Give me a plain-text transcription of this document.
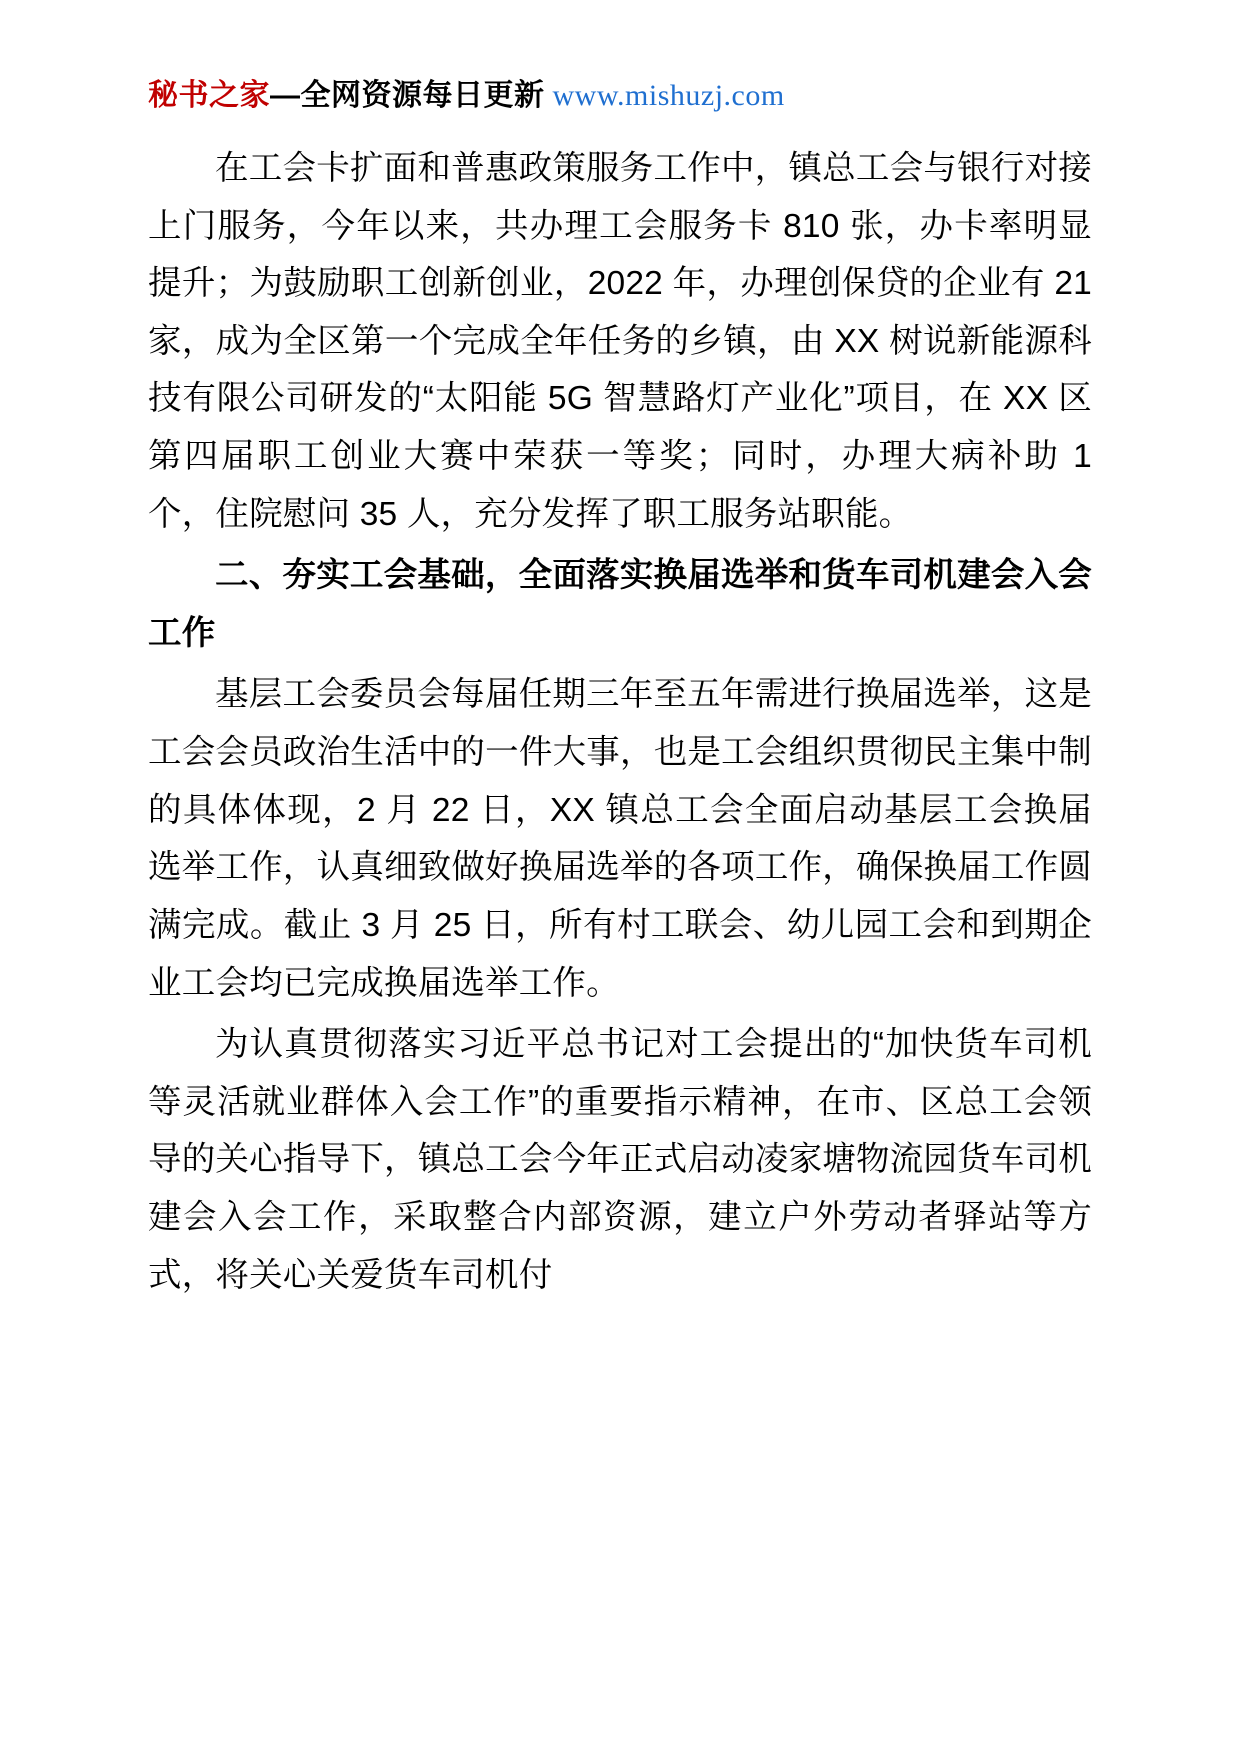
秘书之家—全网资源每日更新 www.mishuzj.com

在工会卡扩面和普惠政策服务工作中，镇总工会与银行对接上门服务，今年以来，共办理工会服务卡 810 张，办卡率明显提升；为鼓励职工创新创业，2022 年，办理创保贷的企业有 21 家，成为全区第一个完成全年任务的乡镇，由 XX 树说新能源科技有限公司研发的“太阳能 5G 智慧路灯产业化”项目，在 XX 区第四届职工创业大赛中荣获一等奖；同时，办理大病补助 1 个，住院慰问 35 人，充分发挥了职工服务站职能。

二、夯实工会基础，全面落实换届选举和货车司机建会入会工作

基层工会委员会每届任期三年至五年需进行换届选举，这是工会会员政治生活中的一件大事，也是工会组织贯彻民主集中制的具体体现，2 月 22 日，XX 镇总工会全面启动基层工会换届选举工作，认真细致做好换届选举的各项工作，确保换届工作圆满完成。截止 3 月 25 日，所有村工联会、幼儿园工会和到期企业工会均已完成换届选举工作。

为认真贯彻落实习近平总书记对工会提出的“加快货车司机等灵活就业群体入会工作”的重要指示精神，在市、区总工会领导的关心指导下，镇总工会今年正式启动凌家塘物流园货车司机建会入会工作，采取整合内部资源，建立户外劳动者驿站等方式，将关心关爱货车司机付
